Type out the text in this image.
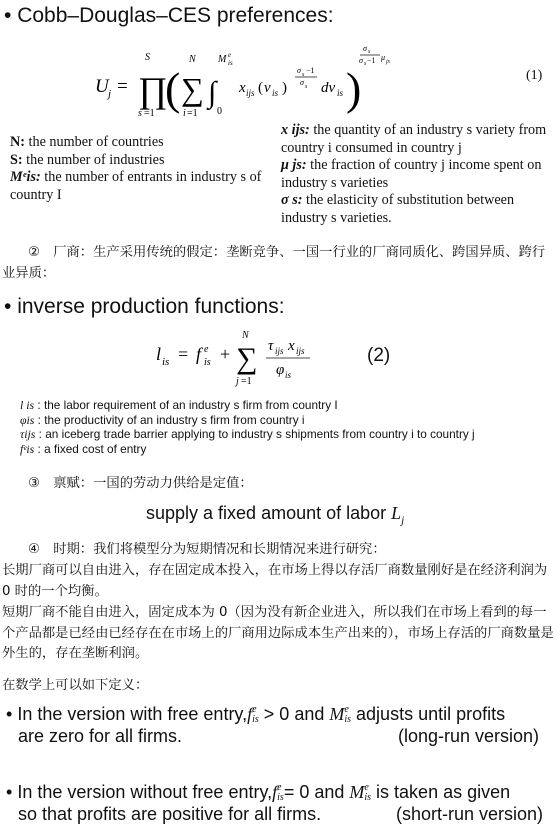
• Cobb–Douglas–CES preferences:
U j = ∏
S
s =1 ( ∑
N
i =1
∫
M e
is
0
x ijs ( ν is )
σ s −1
σ s dν is )
σ s
σ s −1 μ js
(1)
N: the number of countries
S: the number of industries
Mᵉis: the number of entrants in industry s of country I
x ijs: the quantity of an industry s variety from country i consumed in country j
μ js: the fraction of country j income spent on industry s varieties
σ s: the elasticity of substitution between industry s varieties.
②　厂商：生产采用传统的假定：垄断竞争、一国一行业的厂商同质化、跨国异质、跨行业异质：
• inverse production functions:
l is = f e
is + ∑
N
j =1
τ ijs x ijs
φ is
(2)
l is : the labor requirement of an industry s firm from country I
φis : the productivity of an industry s firm from country i
τijs : an iceberg trade barrier applying to industry s shipments from country i to country j
fᵉis : a fixed cost of entry
③　禀赋：一国的劳动力供给是定值：
supply a fixed amount of labor $L_j$
④　时期：我们将模型分为短期情况和长期情况来进行研究：
长期厂商可以自由进入，存在固定成本投入，在市场上得以存活厂商数量刚好是在经济利润为 0 时的一个均衡。
短期厂商不能自由进入，固定成本为 0（因为没有新企业进入，所以我们在市场上看到的每一个产品都是已经由已经存在在市场上的厂商用边际成本生产出来的），市场上存活的厂商数量是外生的，存在垄断利润。
在数学上可以如下定义：
• In the version with free entry,fe
is > 0 and Me
is adjusts until profits
are zero for all firms.	(long-run version)
• In the version without free entry,fe
is= 0 and Me
is is taken as given
so that profits are positive for all firms.	(short-run version)
